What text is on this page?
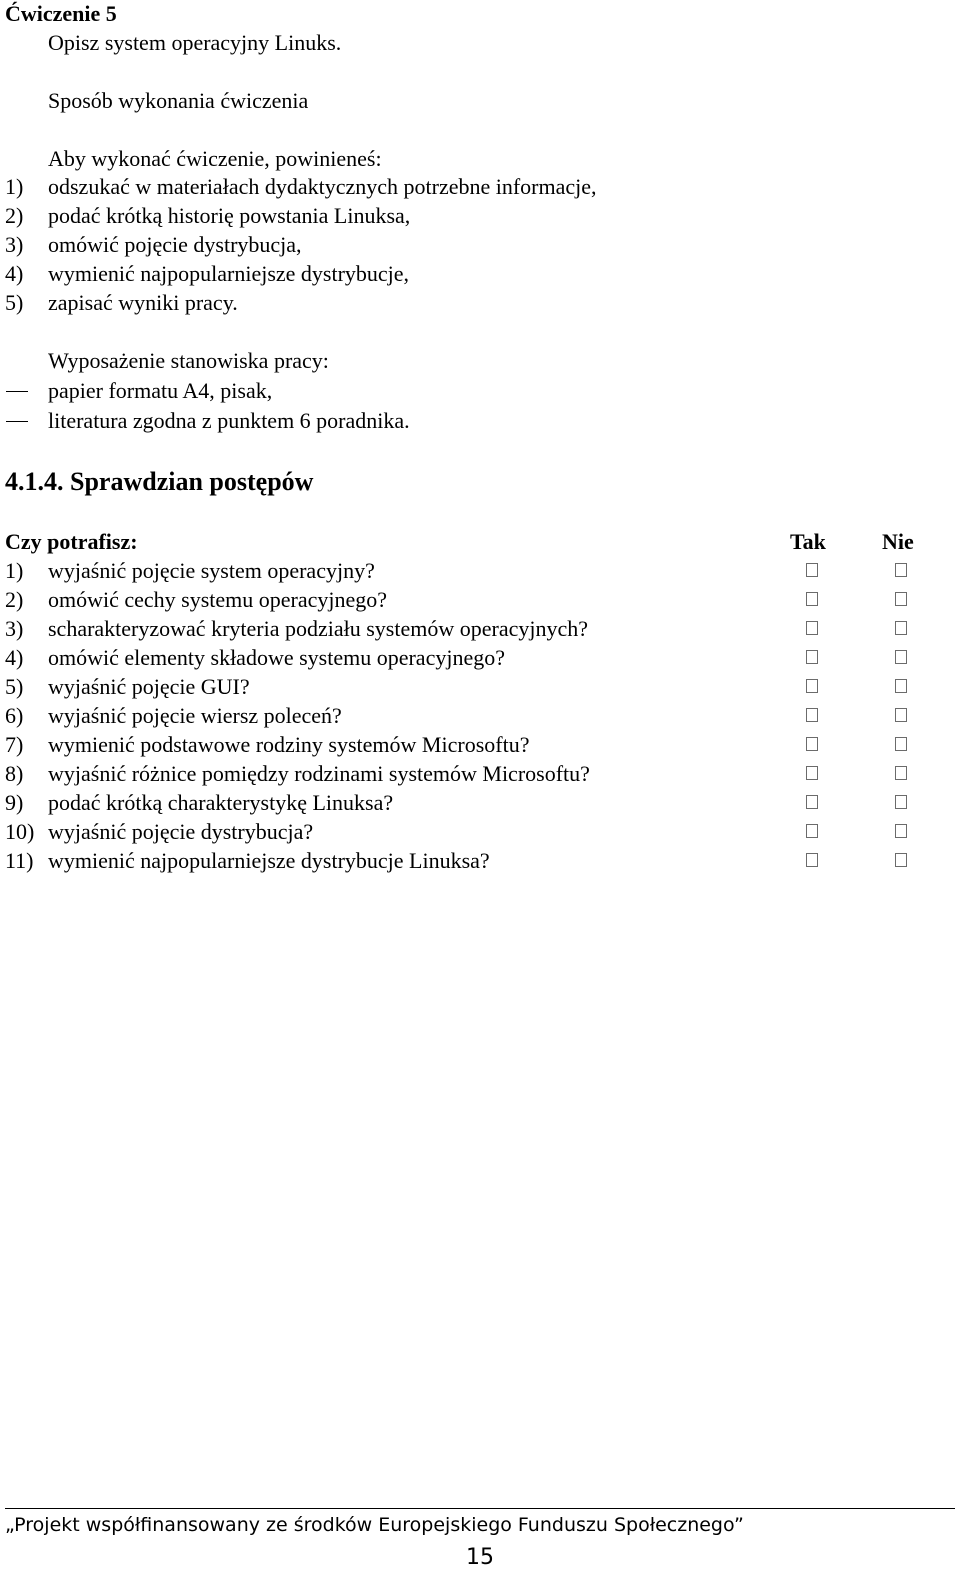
Ćwiczenie 5
Opisz system operacyjny Linuks.
Sposób wykonania ćwiczenia
Aby wykonać ćwiczenie, powinieneś:
1) odszukać w materiałach dydaktycznych potrzebne informacje,
2) podać krótką historię powstania Linuksa,
3) omówić pojęcie dystrybucja,
4) wymienić najpopularniejsze dystrybucje,
5) zapisać wyniki pracy.
Wyposażenie stanowiska pracy:
papier formatu A4, pisak,
literatura zgodna z punktem 6 poradnika.
4.1.4. Sprawdzian postępów
Czy potrafisz:	Tak	Nie
1) wyjaśnić pojęcie system operacyjny?
2) omówić cechy systemu operacyjnego?
3) scharakteryzować kryteria podziału systemów operacyjnych?
4) omówić elementy składowe systemu operacyjnego?
5) wyjaśnić pojęcie GUI?
6) wyjaśnić pojęcie wiersz poleceń?
7) wymienić podstawowe rodziny systemów Microsoftu?
8) wyjaśnić różnice pomiędzy rodzinami systemów Microsoftu?
9) podać krótką charakterystykę Linuksa?
10) wyjaśnić pojęcie dystrybucja?
11) wymienić najpopularniejsze dystrybucje Linuksa?
„Projekt współfinansowany ze środków Europejskiego Funduszu Społecznego”
15
